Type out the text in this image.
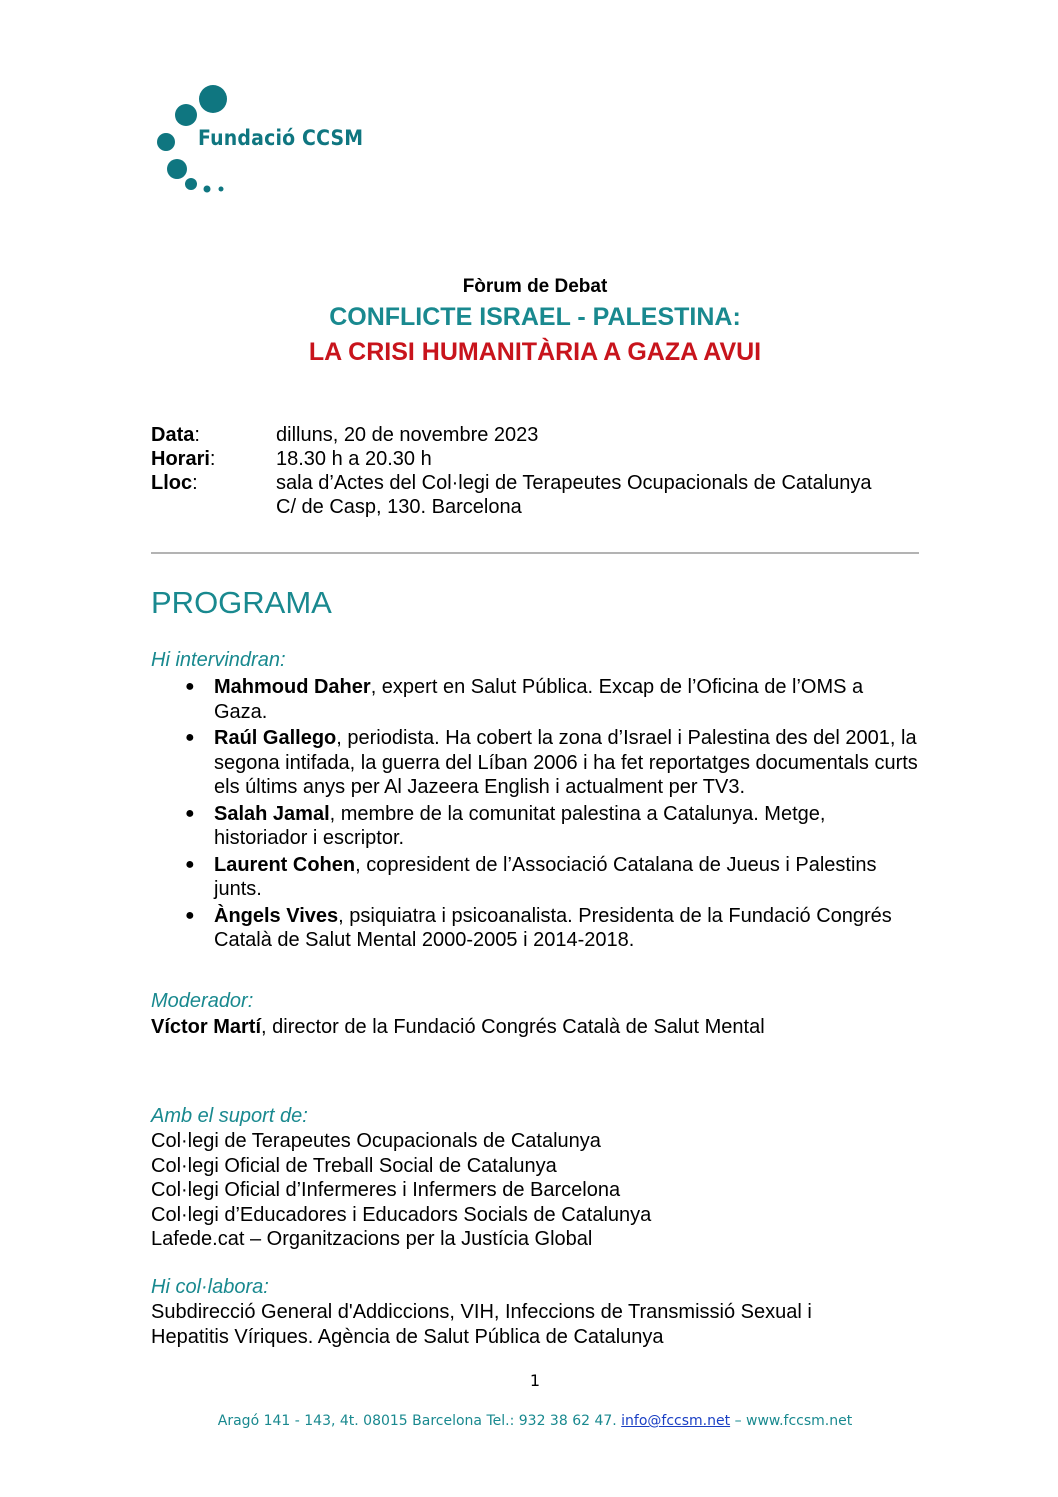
Fundació CCSM
Fòrum de Debat
CONFLICTE ISRAEL - PALESTINA:
LA CRISI HUMANITÀRIA A GAZA AVUI
Data:	dilluns, 20 de novembre 2023
Horari:	18.30 h a 20.30 h
Lloc:	sala d’Actes del Col·legi de Terapeutes Ocupacionals de Catalunya
C/ de Casp, 130. Barcelona
PROGRAMA
Hi intervindran:
● Mahmoud Daher, expert en Salut Pública. Excap de l’Oficina de l’OMS a Gaza.
● Raúl Gallego, periodista. Ha cobert la zona d’Israel i Palestina des del 2001, la segona intifada, la guerra del Líban 2006 i ha fet reportatges documentals curts els últims anys per Al Jazeera English i actualment per TV3.
● Salah Jamal, membre de la comunitat palestina a Catalunya. Metge, historiador i escriptor.
● Laurent Cohen, copresident de l’Associació Catalana de Jueus i Palestins junts.
● Àngels Vives, psiquiatra i psicoanalista. Presidenta de la Fundació Congrés Català de Salut Mental 2000-2005 i 2014-2018.
Moderador:
Víctor Martí, director de la Fundació Congrés Català de Salut Mental
Amb el suport de:
Col·legi de Terapeutes Ocupacionals de Catalunya
Col·legi Oficial de Treball Social de Catalunya
Col·legi Oficial d’Infermeres i Infermers de Barcelona
Col·legi d’Educadores i Educadors Socials de Catalunya
Lafede.cat – Organitzacions per la Justícia Global
Hi col·labora:
Subdirecció General d'Addiccions, VIH, Infeccions de Transmissió Sexual i
Hepatitis Víriques. Agència de Salut Pública de Catalunya
1
Aragó 141 - 143, 4t. 08015 Barcelona Tel.: 932 38 62 47. info@fccsm.net – www.fccsm.net
